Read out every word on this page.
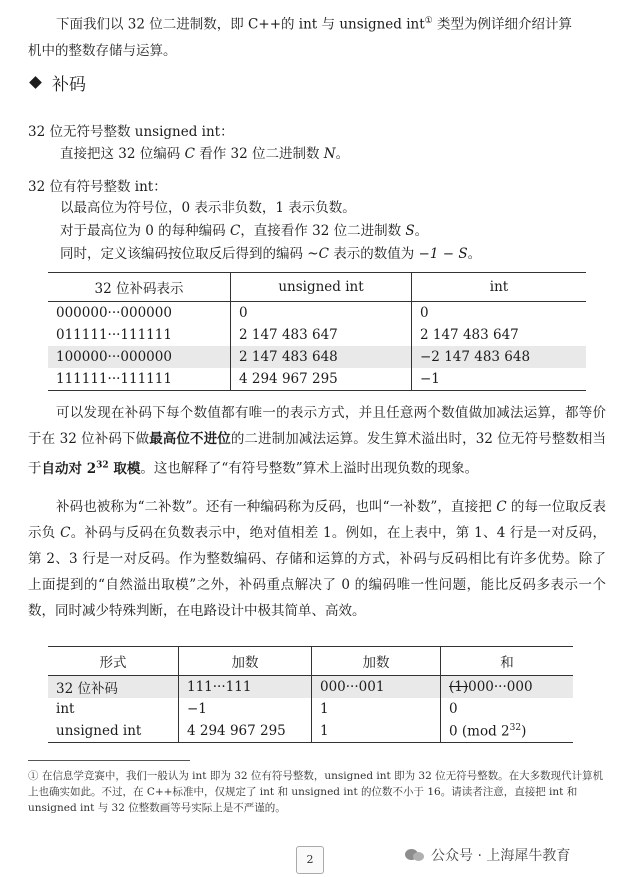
下面我们以 32 位二进制数，即 C++的 int 与 unsigned int① 类型为例详细介绍计算
机中的整数存储与运算。
补码
32 位无符号整数 unsigned int：
直接把这 32 位编码 C 看作 32 位二进制数 N。
32 位有符号整数 int：
以最高位为符号位，0 表示非负数，1 表示负数。
对于最高位为 0 的每种编码 C，直接看作 32 位二进制数 S。
同时，定义该编码按位取反后得到的编码 ~C 表示的数值为 −1 − S。
32 位补码表示	unsigned int	int
000000···000000	0	0
011111···111111	2 147 483 647	2 147 483 647
100000···000000	2 147 483 648	−2 147 483 648
111111···111111	4 294 967 295	−1
可以发现在补码下每个数值都有唯一的表示方式，并且任意两个数值做加减法运算，都等价于在 32 位补码下做最高位不进位的二进制加减法运算。发生算术溢出时，32 位无符号整数相当于自动对 $2^{32}$ 取模。这也解释了“有符号整数”算术上溢时出现负数的现象。
补码也被称为“二补数”。还有一种编码称为反码，也叫“一补数”，直接把 C 的每一位取反表示负 C。补码与反码在负数表示中，绝对值相差 1。例如，在上表中，第 1、4 行是一对反码，第 2、3 行是一对反码。作为整数编码、存储和运算的方式，补码与反码相比有许多优势。除了上面提到的“自然溢出取模”之外，补码重点解决了 0 的编码唯一性问题，能比反码多表示一个数，同时减少特殊判断，在电路设计中极其简单、高效。
形式	加数	加数	和
32 位补码	111···111	000···001	(1)000···000
int	−1	1	0
unsigned int	4 294 967 295	1	0 (mod $2^{32}$)
① 在信息学竞赛中，我们一般认为 int 即为 32 位有符号整数，unsigned int 即为 32 位无符号整数。在大多数现代计算机上也确实如此。不过，在 C++标准中，仅规定了 int 和 unsigned int 的位数不小于 16。请读者注意，直接把 int 和 unsigned int 与 32 位整数画等号实际上是不严谨的。
2	公众号 · 上海犀牛教育
